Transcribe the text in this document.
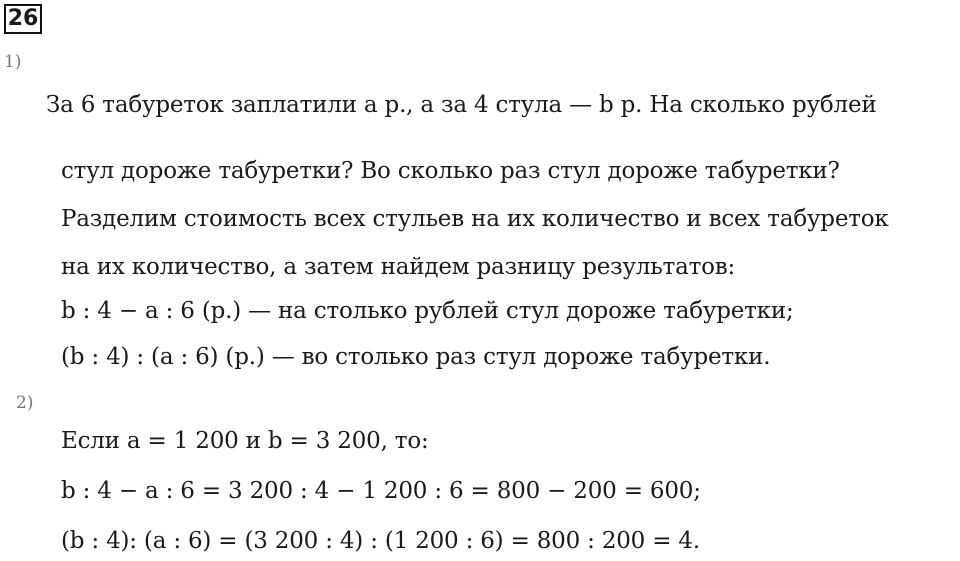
26
1)
За 6 табуреток заплатили a р., а за 4 стула — b р. На сколько рублей
стул дороже табуретки? Во сколько раз стул дороже табуретки?
Разделим стоимость всех стульев на их количество и всех табуреток
на их количество, а затем найдем разницу результатов:
b : 4 − a : 6 (р.) — на столько рублей стул дороже табуретки;
(b : 4) : (a : 6) (р.) — во столько раз стул дороже табуретки.
2)
Если a = 1 200 и b = 3 200, то:
b : 4 − a : 6 = 3 200 : 4 − 1 200 : 6 = 800 − 200 = 600;
(b : 4): (a : 6) = (3 200 : 4) : (1 200 : 6) = 800 : 200 = 4.
